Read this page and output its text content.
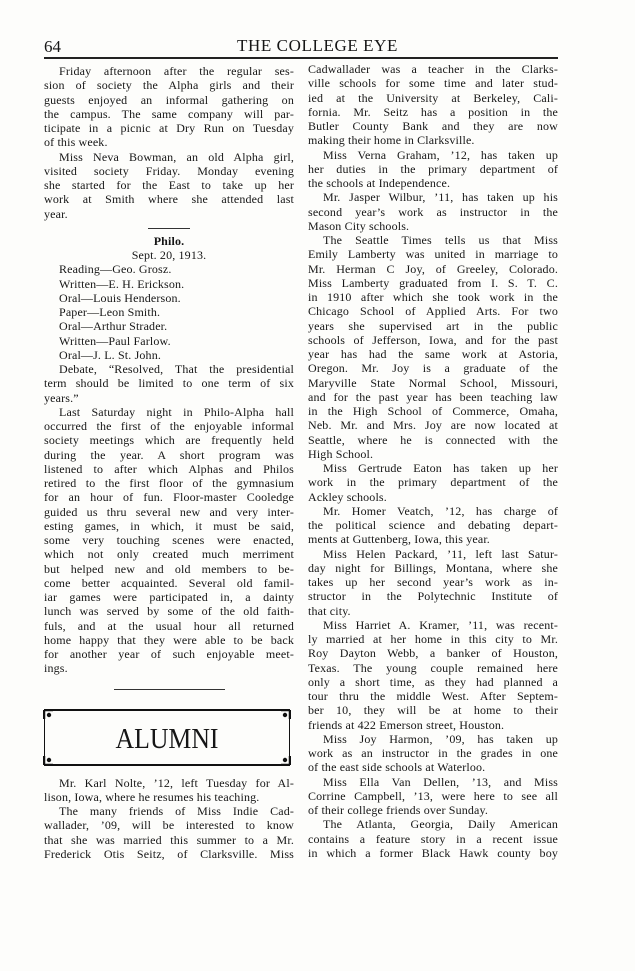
64	THE COLLEGE EYE
Friday afternoon after the regular ses-
sion of society the Alpha girls and their
guests enjoyed an informal gathering on
the campus. The same company will par-
ticipate in a picnic at Dry Run on Tuesday
of this week.
Miss Neva Bowman, an old Alpha girl,
visited society Friday. Monday evening
she started for the East to take up her
work at Smith where she attended last
year.
Philo.
Sept. 20, 1913.
Reading—Geo. Grosz.
Written—E. H. Erickson.
Oral—Louis Henderson.
Paper—Leon Smith.
Oral—Arthur Strader.
Written—Paul Farlow.
Oral—J. L. St. John.
Debate, “Resolved, That the presidential
term should be limited to one term of six
years.”
Last Saturday night in Philo-Alpha hall
occurred the first of the enjoyable informal
society meetings which are frequently held
during the year. A short program was
listened to after which Alphas and Philos
retired to the first floor of the gymnasium
for an hour of fun. Floor-master Cooledge
guided us thru several new and very inter-
esting games, in which, it must be said,
some very touching scenes were enacted,
which not only created much merriment
but helped new and old members to be-
come better acquainted. Several old famil-
iar games were participated in, a dainty
lunch was served by some of the old faith-
fuls, and at the usual hour all returned
home happy that they were able to be back
for another year of such enjoyable meet-
ings.
ALUMNI
Mr. Karl Nolte, ’12, left Tuesday for Al-
lison, Iowa, where he resumes his teaching.
The many friends of Miss Indie Cad-
wallader, ’09, will be interested to know
that she was married this summer to a Mr.
Frederick Otis Seitz, of Clarksville. Miss
Cadwallader was a teacher in the Clarks-
ville schools for some time and later stud-
ied at the University at Berkeley, Cali-
fornia. Mr. Seitz has a position in the
Butler County Bank and they are now
making their home in Clarksville.
Miss Verna Graham, ’12, has taken up
her duties in the primary department of
the schools at Independence.
Mr. Jasper Wilbur, ’11, has taken up his
second year’s work as instructor in the
Mason City schools.
The Seattle Times tells us that Miss
Emily Lamberty was united in marriage to
Mr. Herman C Joy, of Greeley, Colorado.
Miss Lamberty graduated from I. S. T. C.
in 1910 after which she took work in the
Chicago School of Applied Arts. For two
years she supervised art in the public
schools of Jefferson, Iowa, and for the past
year has had the same work at Astoria,
Oregon. Mr. Joy is a graduate of the
Maryville State Normal School, Missouri,
and for the past year has been teaching law
in the High School of Commerce, Omaha,
Neb. Mr. and Mrs. Joy are now located at
Seattle, where he is connected with the
High School.
Miss Gertrude Eaton has taken up her
work in the primary department of the
Ackley schools.
Mr. Homer Veatch, ’12, has charge of
the political science and debating depart-
ments at Guttenberg, Iowa, this year.
Miss Helen Packard, ’11, left last Satur-
day night for Billings, Montana, where she
takes up her second year’s work as in-
structor in the Polytechnic Institute of
that city.
Miss Harriet A. Kramer, ’11, was recent-
ly married at her home in this city to Mr.
Roy Dayton Webb, a banker of Houston,
Texas. The young couple remained here
only a short time, as they had planned a
tour thru the middle West. After Septem-
ber 10, they will be at home to their
friends at 422 Emerson street, Houston.
Miss Joy Harmon, ’09, has taken up
work as an instructor in the grades in one
of the east side schools at Waterloo.
Miss Ella Van Dellen, ’13, and Miss
Corrine Campbell, ’13, were here to see all
of their college friends over Sunday.
The Atlanta, Georgia, Daily American
contains a feature story in a recent issue
in which a former Black Hawk county boy
